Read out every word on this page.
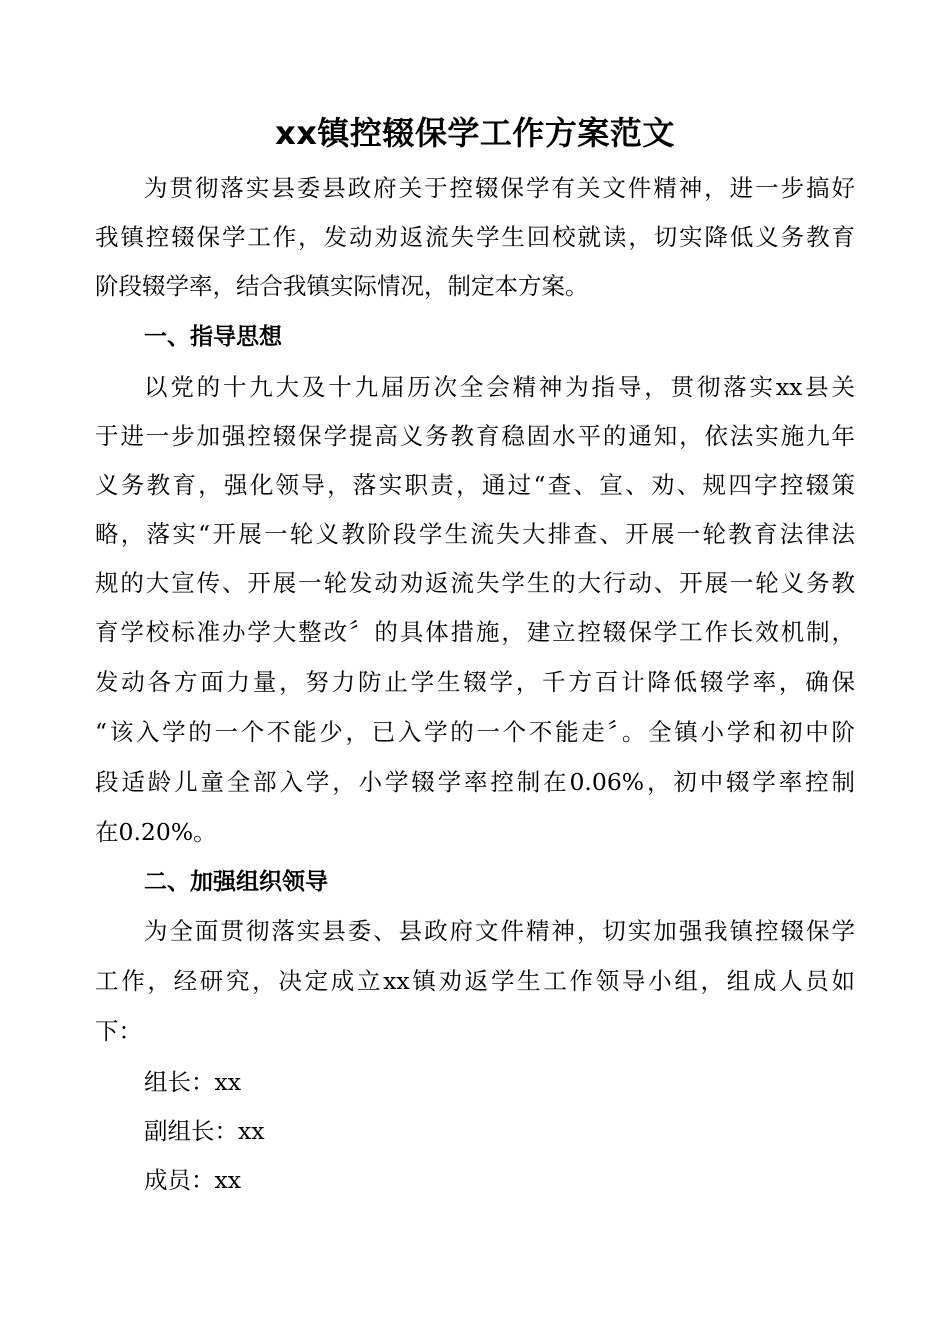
xx镇控辍保学工作方案范文
为贯彻落实县委县政府关于控辍保学有关文件精神，进一步搞好
我镇控辍保学工作，发动劝返流失学生回校就读，切实降低义务教育
阶段辍学率，结合我镇实际情况，制定本方案。
一、指导思想
以党的十九大及十九届历次全会精神为指导，贯彻落实xx县关
于进一步加强控辍保学提高义务教育稳固水平的通知，依法实施九年
义务教育，强化领导，落实职责，通过“查、宣、劝、规四字控辍策
略，落实“开展一轮义教阶段学生流失大排查、开展一轮教育法律法
规的大宣传、开展一轮发动劝返流失学生的大行动、开展一轮义务教
育学校标准办学大整改〞的具体措施，建立控辍保学工作长效机制，
发动各方面力量，努力防止学生辍学，千方百计降低辍学率，确保
“该入学的一个不能少，已入学的一个不能走〞。全镇小学和初中阶
段适龄儿童全部入学，小学辍学率控制在0.06%，初中辍学率控制
在0.20%。
二、加强组织领导
为全面贯彻落实县委、县政府文件精神，切实加强我镇控辍保学
工作，经研究，决定成立xx镇劝返学生工作领导小组，组成人员如
下：
组长：xx
副组长：xx
成员：xx
